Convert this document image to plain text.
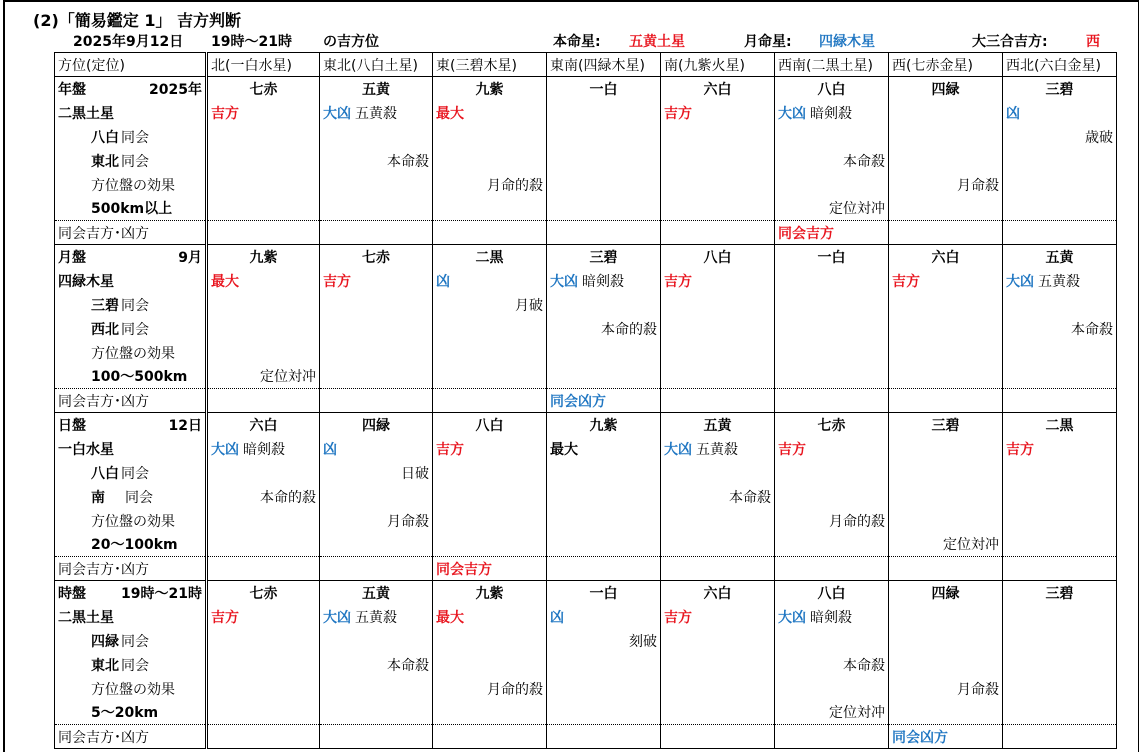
(2)「簡易鑑定 1」 吉方判断
2025年9月12日 19時～21時 の吉方位	本命星: 五黄土星	月命星: 四緑木星	大三合吉方:	西
方位(定位)	北(一白水星)	東北(八白土星)	東(三碧木星)	東南(四緑木星)	南(九紫火星)	西南(二黒土星)	西(七赤金星)	西北(六白金星)

年盤 2025年	七赤	五黄	九紫	一白	六白	八白	四緑	三碧
二黒土星	吉方	大凶 五黄殺	最大		吉方	大凶 暗剣殺		凶
八白 同会								歳破
東北 同会		本命殺				本命殺		
方位盤の効果			月命的殺				月命殺	
500km以上						定位対冲		
同会吉方･凶方						同会吉方		

月盤 9月	九紫	七赤	二黒	三碧	八白	一白	六白	五黄
四緑木星	最大	吉方	凶	大凶 暗剣殺	吉方		吉方	大凶 五黄殺
三碧 同会			月破					
西北 同会				本命的殺				本命殺
方位盤の効果								
100～500km	定位対冲							
同会吉方･凶方				同会凶方				

日盤 12日	六白	四緑	八白	九紫	五黄	七赤	三碧	二黒
一白水星	大凶 暗剣殺	凶	吉方	最大	大凶 五黄殺	吉方		吉方
八白 同会		日破						
南 同会	本命的殺				本命殺			
方位盤の効果		月命殺				月命的殺		
20～100km							定位対冲	
同会吉方･凶方			同会吉方					

時盤 19時～21時	七赤	五黄	九紫	一白	六白	八白	四緑	三碧
二黒土星	吉方	大凶 五黄殺	最大	凶	吉方	大凶 暗剣殺		
四緑 同会				刻破				
東北 同会		本命殺				本命殺		
方位盤の効果			月命的殺				月命殺	
5～20km						定位対冲		
同会吉方･凶方							同会凶方	
